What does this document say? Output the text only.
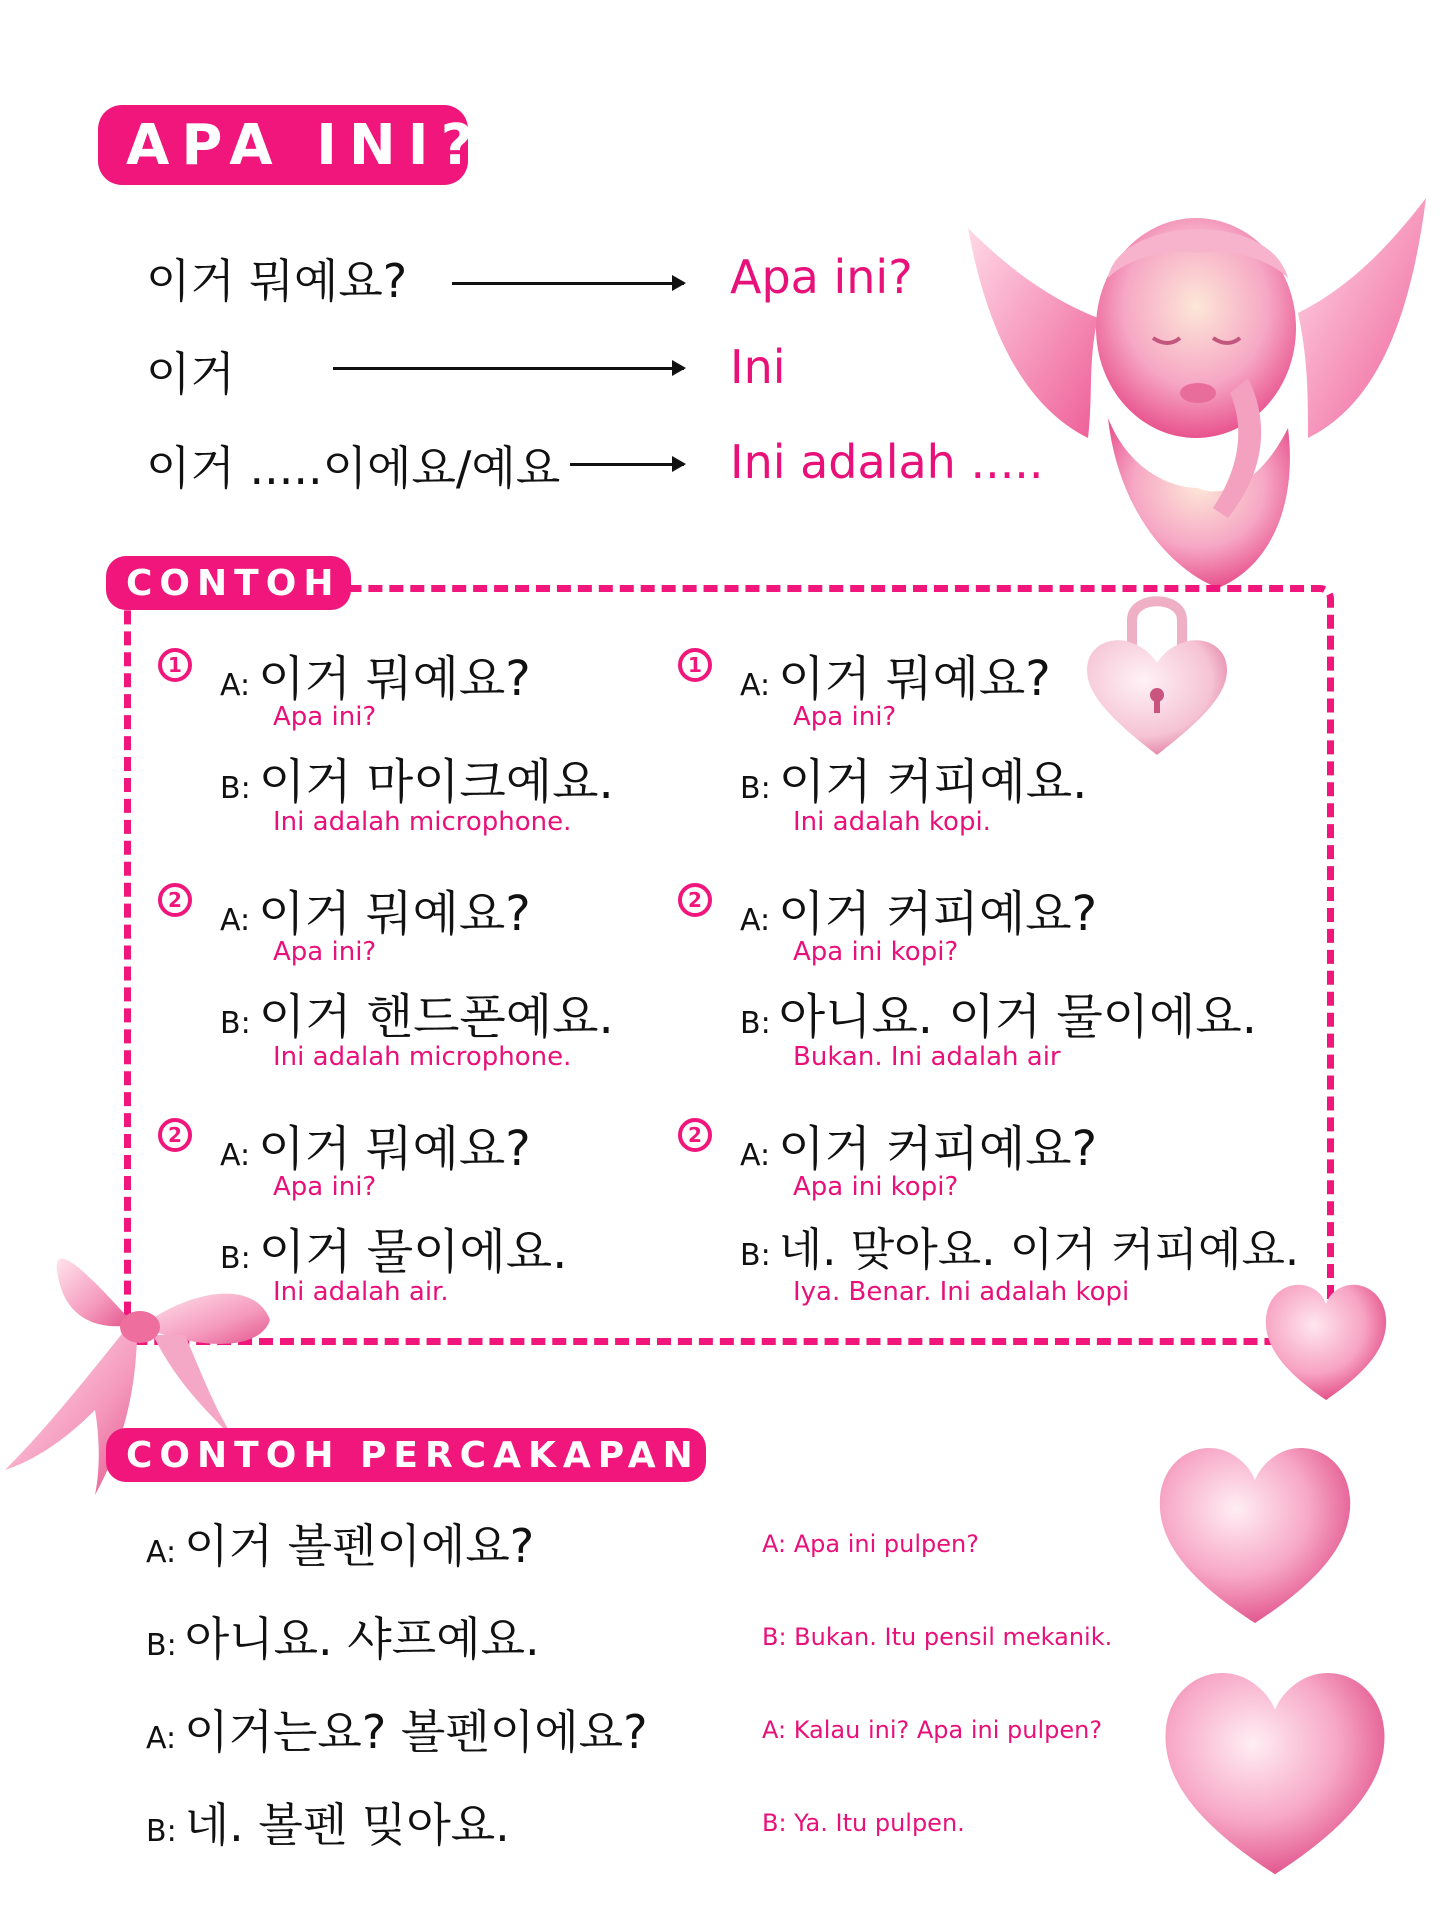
APA INI?
이거 뭐예요?	Apa ini?
이거	Ini
이거 .....이에요/예요	Ini adalah .....
CONTOH
1
A: 이거 뭐예요?
Apa ini?
B: 이거 마이크예요.
Ini adalah microphone.
1
A: 이거 뭐예요?
Apa ini?
B: 이거 커피예요.
Ini adalah kopi.
2
A: 이거 뭐예요?
Apa ini?
B: 이거 핸드폰예요.
Ini adalah microphone.
2
A: 이거 커피예요?
Apa ini kopi?
B: 아니요. 이거 물이에요.
Bukan. Ini adalah air
2
A: 이거 뭐예요?
Apa ini?
B: 이거 물이에요.
Ini adalah air.
2
A: 이거 커피예요?
Apa ini kopi?
B: 네. 맞아요. 이거 커피예요.
Iya. Benar. Ini adalah kopi
CONTOH PERCAKAPAN
A: 이거 볼펜이에요?	A: Apa ini pulpen?
B: 아니요. 샤프예요.	B: Bukan. Itu pensil mekanik.
A: 이거는요? 볼펜이에요?	A: Kalau ini? Apa ini pulpen?
B: 네. 볼펜 밎아요.	B: Ya. Itu pulpen.
